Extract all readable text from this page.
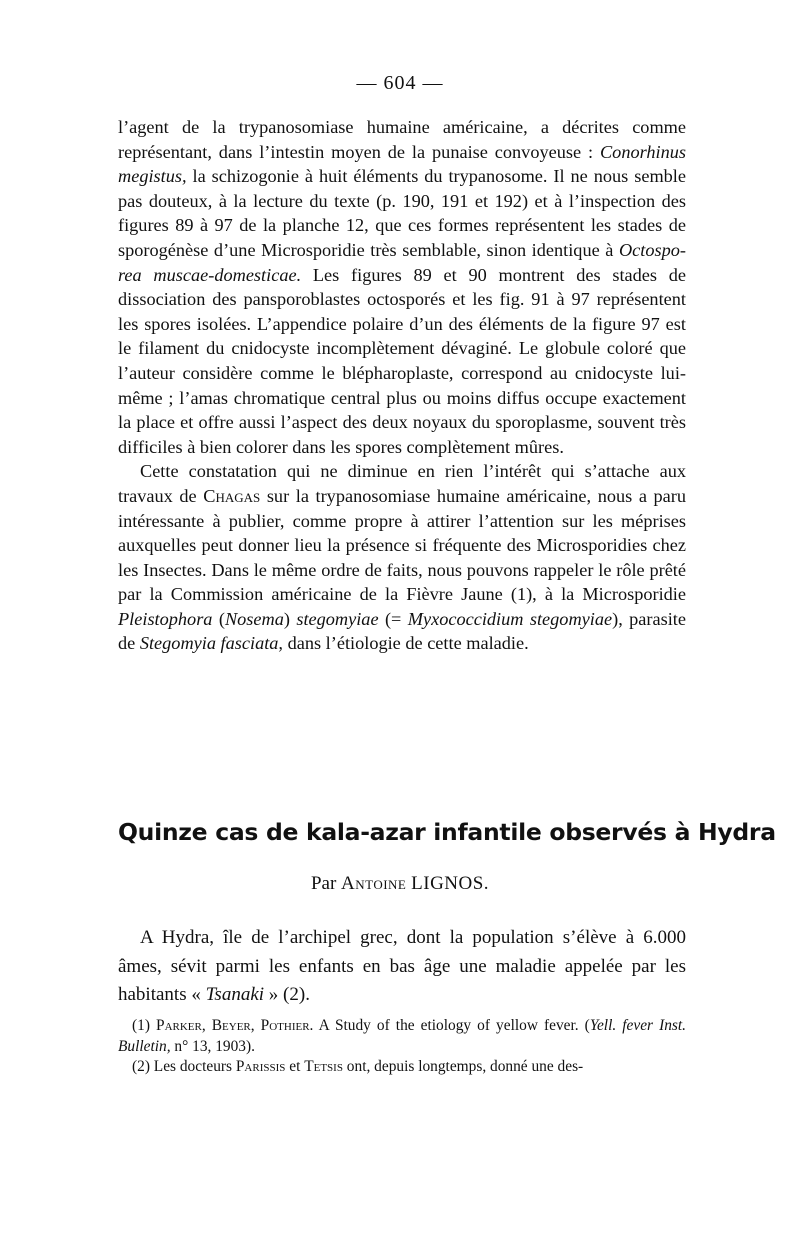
— 604 —

l’agent de la trypanosomiase humaine américaine, a décrites comme représentant, dans l’intestin moyen de la punaise convoyeuse : Conorhinus megistus, la schizogonie à huit éléments du trypanosome. Il ne nous semble pas douteux, à la lecture du texte (p. 190, 191 et 192) et à l’inspection des figures 89 à 97 de la planche 12, que ces formes représentent les stades de sporogénèse d’une Microsporidie très semblable, sinon identique à Octosporea muscae-domesticae. Les figures 89 et 90 montrent des stades de dissociation des pansporoblastes octosporés et les fig. 91 à 97 représentent les spores isolées. L’appendice polaire d’un des éléments de la figure 97 est le filament du cnidocyste incomplètement dévaginé. Le globule coloré que l’auteur considère comme le blépharoplaste, correspond au cnidocyste lui-même ; l’amas chromatique central plus ou moins diffus occupe exactement la place et offre aussi l’aspect des deux noyaux du sporoplasme, souvent très difficiles à bien colorer dans les spores complètement mûres.

Cette constatation qui ne diminue en rien l’intérêt qui s’attache aux travaux de Chagas sur la trypanosomiase humaine américaine, nous a paru intéressante à publier, comme propre à attirer l’attention sur les méprises auxquelles peut donner lieu la présence si fréquente des Microsporidies chez les Insectes. Dans le même ordre de faits, nous pouvons rappeler le rôle prêté par la Commission américaine de la Fièvre Jaune (1), à la Microsporidie Pleistophora (Nosema) stegomyiae (= Myxococcidium stegomyiae), parasite de Stegomyia fasciata, dans l’étiologie de cette maladie.

Quinze cas de kala-azar infantile observés à Hydra

Par Antoine LIGNOS.

A Hydra, île de l’archipel grec, dont la population s’élève à 6.000 âmes, sévit parmi les enfants en bas âge une maladie appelée par les habitants « Tsanaki » (2).

(1) Parker, Beyer, Pothier. A Study of the etiology of yellow fever. (Yell. fever Inst. Bulletin, n° 13, 1903).

(2) Les docteurs Parissis et Tetsis ont, depuis longtemps, donné une des-
